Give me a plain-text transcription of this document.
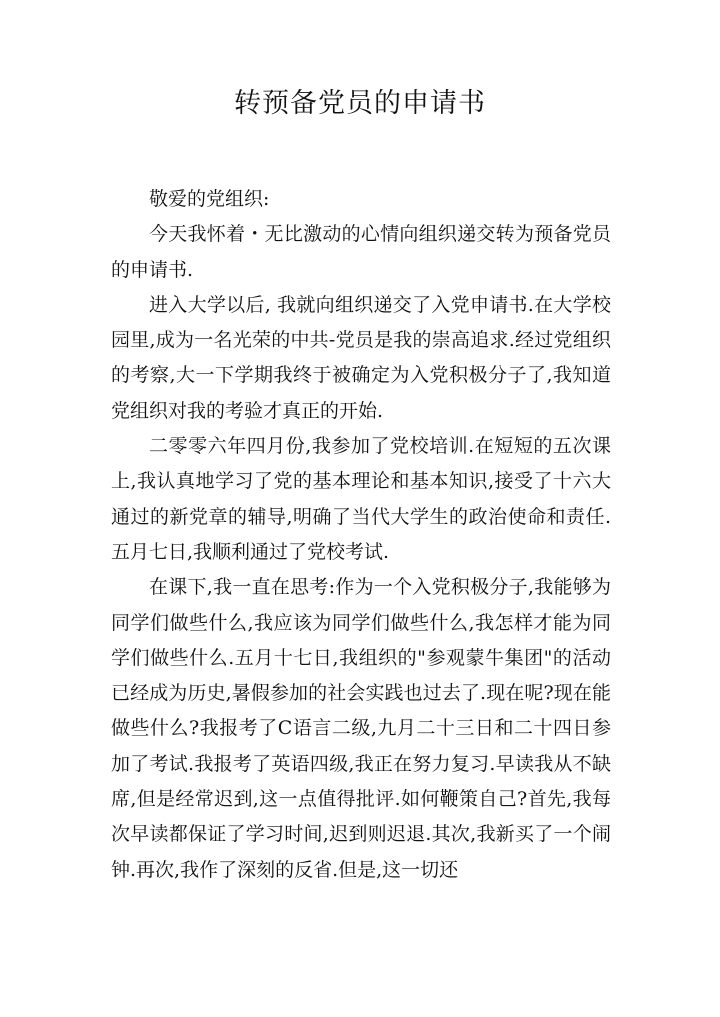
转预备党员的申请书

敬爱的党组织:

今天我怀着・无比激动的心情向组织递交转为预备党员的申请书.

进入大学以后, 我就向组织递交了入党申请书.在大学校园里,成为一名光荣的中共-党员是我的崇高追求.经过党组织的考察,大一下学期我终于被确定为入党积极分子了,我知道党组织对我的考验才真正的开始.

二零零六年四月份,我参加了党校培训.在短短的五次课上,我认真地学习了党的基本理论和基本知识,接受了十六大通过的新党章的辅导,明确了当代大学生的政治使命和责任.五月七日,我顺利通过了党校考试.

在课下,我一直在思考:作为一个入党积极分子,我能够为同学们做些什么,我应该为同学们做些什么,我怎样才能为同学们做些什么.五月十七日,我组织的"参观蒙牛集团"的活动已经成为历史,暑假参加的社会实践也过去了.现在呢?现在能做些什么?我报考了C语言二级,九月二十三日和二十四日参加了考试.我报考了英语四级,我正在努力复习.早读我从不缺席,但是经常迟到,这一点值得批评.如何鞭策自己?首先,我每次早读都保证了学习时间,迟到则迟退.其次,我新买了一个闹钟.再次,我作了深刻的反省.但是,这一切还
